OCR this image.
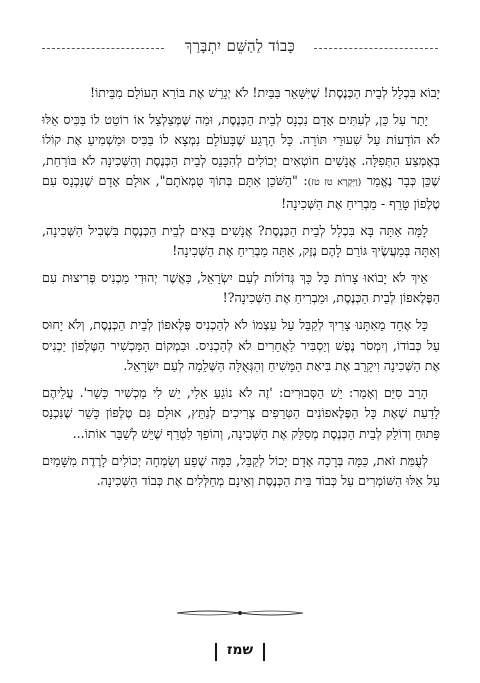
כָּבוֹד לַהַשֵּׁם יִתְבָּרַךְ

יָבוֹא בִּכְלָל לְבֵית הַכְּנֶסֶת! שֶׁיִּשָּׁאֵר בַּבַּיִת! לֹא יְגָרֵשׁ אֶת בּוֹרֵא הָעוֹלָם מִבֵּיתוֹ!

יָתֵר עַל כֵּן, לְעִתִּים אָדָם נִכְנָס לְבֵית הַכְּנֶסֶת, וּמַה שֶּׁמְּצַלְצֵל אוֹ רוֹטֵט לוֹ בַּכִּיס אֵלּוּ לֹא הוֹדָעוֹת עַל שִׁעוּרֵי תּוֹרָה. כָּל הָרֶגַע שֶׁבָּעוֹלָם נִמְצָא לוֹ בַּכִּיס וּמַשְׁמִיעַ אֶת קוֹלוֹ בְּאֶמְצַע הַתְּפִלָּה. אֲנָשִׁים חוֹטְאִים יְכוֹלִים לְהִכָּנֵס לְבֵית הַכְּנֶסֶת וְהַשְּׁכִינָה לֹא בּוֹרַחַת, שֶׁכֵּן כְּבָר נֶאֱמַר (וַיִּקְרָא טז טז): "הַשֹּׁכֵן אִתָּם בְּתוֹךְ טֻמְאֹתָם", אוּלָם אָדָם שֶׁנִּכְנָס עִם טֶלֶפוֹן טָרֵף - מַבְרִיחַ אֶת הַשְּׁכִינָה!

לָמָּה אַתָּה בָּא בִּכְלָל לְבֵית הַכְּנֶסֶת? אֲנָשִׁים בָּאִים לְבֵית הַכְּנֶסֶת בִּשְׁבִיל הַשְּׁכִינָה, וְאַתָּה בְּמַעֲשֶׂיךָ גּוֹרֵם לָהֶם נֶזֶק, אַתָּה מַבְרִיחַ אֶת הַשְּׁכִינָה!

אֵיךְ לֹא יָבוֹאוּ צָרוֹת כָּל כָּךְ גְּדוֹלוֹת לְעַם יִשְׂרָאֵל, כַּאֲשֶׁר יְהוּדִי מַכְנִיס פְּרִיצוּת עִם הַפֶּלֶאפוֹן לְבֵית הַכְּנֶסֶת, וּמַבְרִיחַ אֶת הַשְּׁכִינָה?!

כָּל אֶחָד מֵאִתָּנוּ צָרִיךְ לְקַבֵּל עַל עַצְמוֹ לֹא לְהַכְנִיס פֶּלֶאפוֹן לְבֵית הַכְּנֶסֶת, וְלֹא יָחוּס עַל כְּבוֹדוֹ, וְיִמְסֹר נֶפֶשׁ וְיַסְבִּיר לַאֲחֵרִים לֹא לְהַכְנִיס. וּבִמְקוֹם הַמַּכְשִׁיר הַטֶּלֶפוֹן יַכְנִיס אֶת הַשְּׁכִינָה וִיקָרֵב אֶת בִּיאַת הַמָּשִׁיחַ וְהַגְּאֻלָּה הַשְּׁלֵמָה לְעַם יִשְׂרָאֵל.

הָרַב סִיֵּם וְאָמַר: יֵשׁ הַסְּבוּרִים: 'זֶה לֹא נוֹגֵעַ אֵלַי, יֵשׁ לִי מַכְשִׁיר כָּשֵׁר'. עֲלֵיהֶם לָדַעַת שֶׁאֶת כָּל הַפֶּלֶאפוֹנִים הַטְּרֵפִים צְרִיכִים לְנַתֵּץ, אוּלָם גַּם טֶלֶפוֹן כָּשֵׁר שֶׁנִּכְנָס פָּתוּחַ וְדוֹלֵק לְבֵית הַכְּנֶסֶת מְסַלֵּק אֶת הַשְּׁכִינָה, וְהוֹפֵךְ לִטְרֵף שֶׁיֵּשׁ לְשַׁבֵּר אוֹתוֹ...

לְעֻמַּת זֹאת, כַּמָּה בְּרָכָה אָדָם יָכוֹל לְקַבֵּל, כַּמָּה שֶׁפַע וְשִׂמְחָה יְכוֹלִים לָרֶדֶת מִשָּׁמַיִם עַל אֵלּוּ הַשּׁוֹמְרִים עַל כְּבוֹד בֵּית הַכְּנֶסֶת וְאֵינָם מְחַלְּלִים אֶת כְּבוֹד הַשְּׁכִינָה.

שמז
